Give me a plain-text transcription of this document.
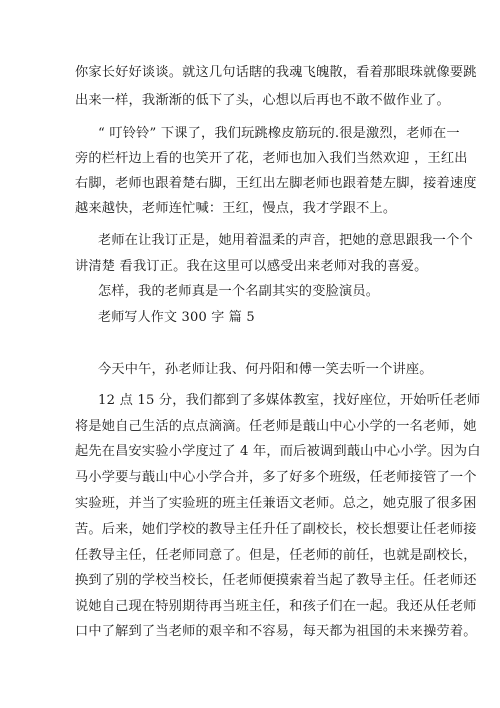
你家长好好谈谈。就这几句话瞎的我魂飞魄散，看着那眼珠就像要跳
出来一样，我渐渐的低下了头，心想以后再也不敢不做作业了。
“ 叮铃铃” 下课了，我们玩跳橡皮筋玩的.很是激烈，老师在一
旁的栏杆边上看的也笑开了花，老师也加入我们当然欢迎 ，王红出
右脚，老师也跟着楚右脚，王红出左脚老师也跟着楚左脚，接着速度
越来越快，老师连忙喊：王红，慢点，我才学跟不上。
老师在让我订正是，她用着温柔的声音，把她的意思跟我一个个
讲清楚 看我订正。我在这里可以感受出来老师对我的喜爱。
怎样，我的老师真是一个名副其实的变脸演员。
老师写人作文 300 字 篇 5
今天中午，孙老师让我、何丹阳和傅一笑去听一个讲座。
12 点 15 分，我们都到了多媒体教室，找好座位，开始听任老师
将是她自己生活的点点滴滴。任老师是蕺山中心小学的一名老师，她
起先在昌安实验小学度过了 4 年，而后被调到蕺山中心小学。因为白
马小学要与蕺山中心小学合并，多了好多个班级，任老师接管了一个
实验班，并当了实验班的班主任兼语文老师。总之，她克服了很多困
苦。后来，她们学校的教导主任升任了副校长，校长想要让任老师接
任教导主任，任老师同意了。但是，任老师的前任，也就是副校长，
换到了别的学校当校长，任老师便摸索着当起了教导主任。任老师还
说她自己现在特别期待再当班主任，和孩子们在一起。我还从任老师
口中了解到了当老师的艰辛和不容易，每天都为祖国的未来操劳着。
